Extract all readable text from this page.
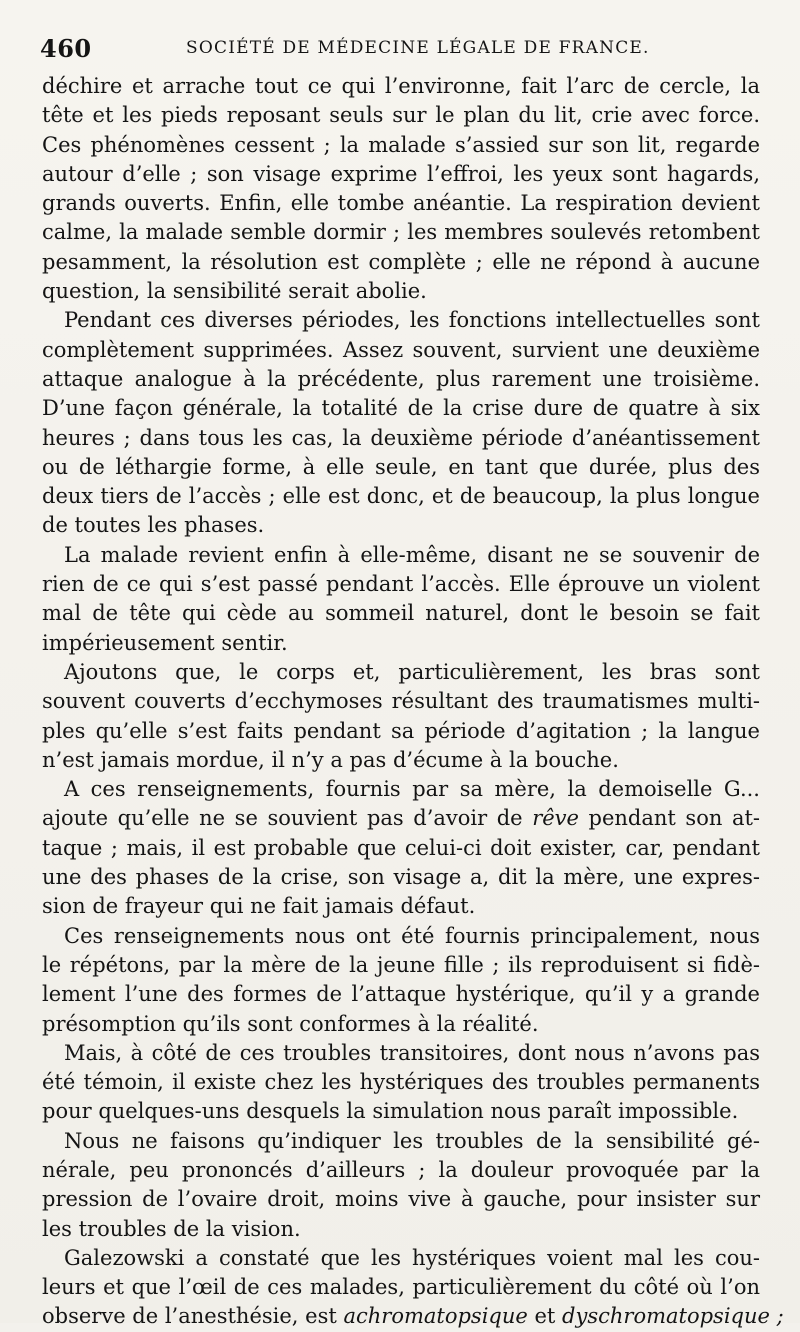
460	SOCIÉTÉ DE MÉDECINE LÉGALE DE FRANCE.

déchire et arrache tout ce qui l’environne, fait l’arc de cercle, la
tête et les pieds reposant seuls sur le plan du lit, crie avec force.
Ces phénomènes cessent ; la malade s’assied sur son lit, regarde
autour d’elle ; son visage exprime l’effroi, les yeux sont hagards,
grands ouverts. Enfin, elle tombe anéantie. La respiration devient
calme, la malade semble dormir ; les membres soulevés retombent
pesamment, la résolution est complète ; elle ne répond à aucune
question, la sensibilité serait abolie.

Pendant ces diverses périodes, les fonctions intellectuelles sont
complètement supprimées. Assez souvent, survient une deuxième
attaque analogue à la précédente, plus rarement une troisième.
D’une façon générale, la totalité de la crise dure de quatre à six
heures ; dans tous les cas, la deuxième période d’anéantissement
ou de léthargie forme, à elle seule, en tant que durée, plus des
deux tiers de l’accès ; elle est donc, et de beaucoup, la plus longue
de toutes les phases.

La malade revient enfin à elle-même, disant ne se souvenir de
rien de ce qui s’est passé pendant l’accès. Elle éprouve un violent
mal de tête qui cède au sommeil naturel, dont le besoin se fait
impérieusement sentir.

Ajoutons que, le corps et, particulièrement, les bras sont
souvent couverts d’ecchymoses résultant des traumatismes multi-
ples qu’elle s’est faits pendant sa période d’agitation ; la langue
n’est jamais mordue, il n’y a pas d’écume à la bouche.

A ces renseignements, fournis par sa mère, la demoiselle G...
ajoute qu’elle ne se souvient pas d’avoir de rêve pendant son at-
taque ; mais, il est probable que celui-ci doit exister, car, pendant
une des phases de la crise, son visage a, dit la mère, une expres-
sion de frayeur qui ne fait jamais défaut.

Ces renseignements nous ont été fournis principalement, nous
le répétons, par la mère de la jeune fille ; ils reproduisent si fidè-
lement l’une des formes de l’attaque hystérique, qu’il y a grande
présomption qu’ils sont conformes à la réalité.

Mais, à côté de ces troubles transitoires, dont nous n’avons pas
été témoin, il existe chez les hystériques des troubles permanents
pour quelques-uns desquels la simulation nous paraît impossible.

Nous ne faisons qu’indiquer les troubles de la sensibilité gé-
nérale, peu prononcés d’ailleurs ; la douleur provoquée par la
pression de l’ovaire droit, moins vive à gauche, pour insister sur
les troubles de la vision.

Galezowski a constaté que les hystériques voient mal les cou-
leurs et que l’œil de ces malades, particulièrement du côté où l’on
observe de l’anesthésie, est achromatopsique et dyschromatopsique ;
